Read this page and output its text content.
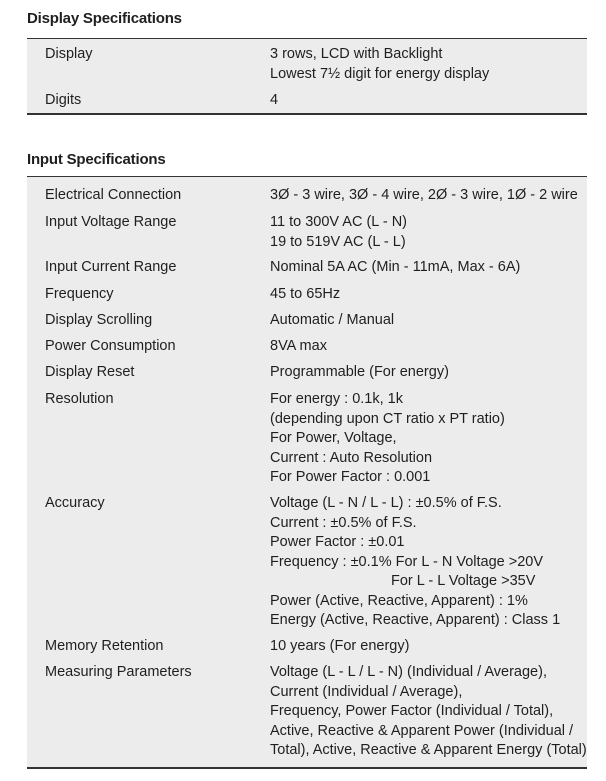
Display Specifications
Display	3 rows, LCD with Backlight
Lowest 7½ digit for energy display
Digits	4
Input Specifications
Electrical Connection	3Ø - 3 wire, 3Ø - 4 wire, 2Ø - 3 wire, 1Ø - 2 wire
Input Voltage Range	11 to 300V AC (L - N)
19 to 519V AC (L - L)
Input Current Range	Nominal 5A AC (Min - 11mA, Max - 6A)
Frequency	45 to 65Hz
Display Scrolling	Automatic / Manual
Power Consumption	8VA max
Display Reset	Programmable (For energy)
Resolution	For energy : 0.1k, 1k
(depending upon CT ratio x PT ratio)
For Power, Voltage,
Current : Auto Resolution
For Power Factor : 0.001
Accuracy	Voltage (L - N / L - L) : ±0.5% of F.S.
Current : ±0.5% of F.S.
Power Factor : ±0.01
Frequency : ±0.1% For L - N Voltage >20V
For L - L Voltage >35V
Power (Active, Reactive, Apparent) : 1%
Energy (Active, Reactive, Apparent) : Class 1
Memory Retention	10 years (For energy)
Measuring Parameters	Voltage (L - L / L - N) (Individual / Average),
Current (Individual / Average),
Frequency, Power Factor (Individual / Total),
Active, Reactive & Apparent Power (Individual /
Total), Active, Reactive & Apparent Energy (Total)
